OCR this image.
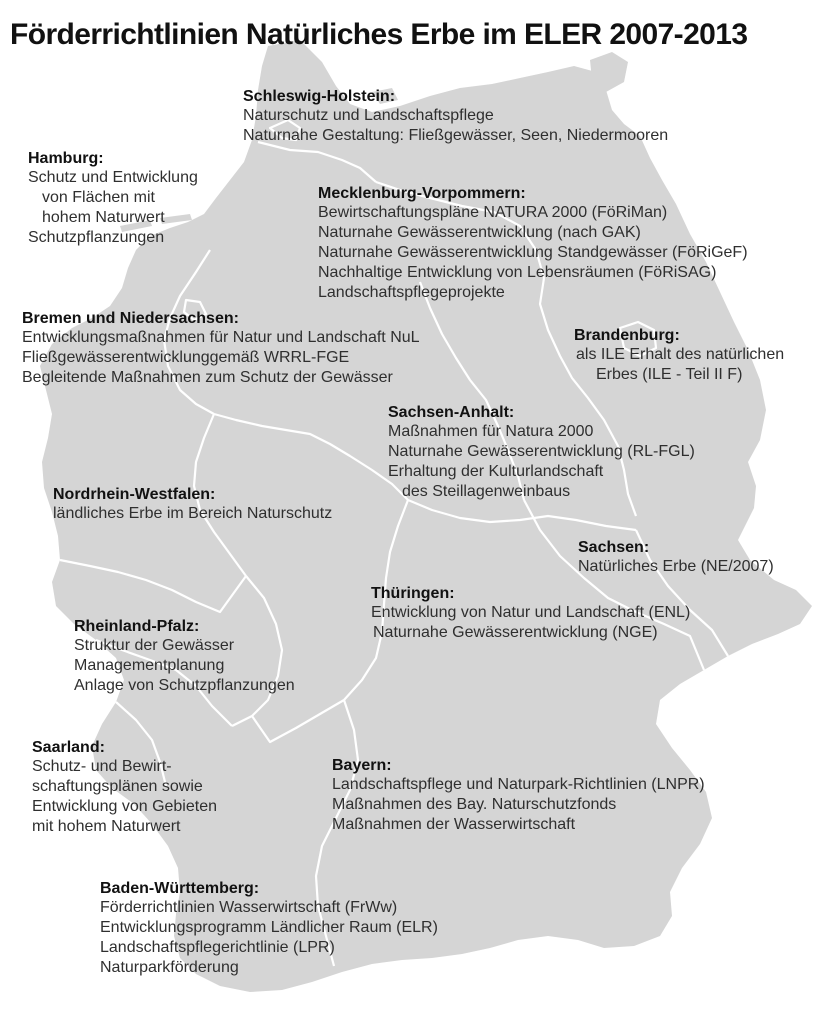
Förderrichtlinien Natürliches Erbe im ELER 2007-2013
Schleswig-Holstein:
Naturschutz und Landschaftspflege
Naturnahe Gestaltung: Fließgewässer, Seen, Niedermooren
Hamburg:
Schutz und Entwicklung
von Flächen mit
hohem Naturwert
Schutzpflanzungen
Mecklenburg-Vorpommern:
Bewirtschaftungspläne NATURA 2000 (FöRiMan)
Naturnahe Gewässerentwicklung (nach GAK)
Naturnahe Gewässerentwicklung Standgewässer (FöRiGeF)
Nachhaltige Entwicklung von Lebensräumen (FöRiSAG)
Landschaftspflegeprojekte
Bremen und Niedersachsen:
Entwicklungsmaßnahmen für Natur und Landschaft NuL
Fließgewässerentwicklunggemäß WRRL-FGE
Begleitende Maßnahmen zum Schutz der Gewässer
Brandenburg:
als ILE Erhalt des natürlichen
Erbes (ILE - Teil II F)
Sachsen-Anhalt:
Maßnahmen für Natura 2000
Naturnahe Gewässerentwicklung (RL-FGL)
Erhaltung der Kulturlandschaft
des Steillagenweinbaus
Nordrhein-Westfalen:
ländliches Erbe im Bereich Naturschutz
Sachsen:
Natürliches Erbe (NE/2007)
Thüringen:
Entwicklung von Natur und Landschaft (ENL)
Naturnahe Gewässerentwicklung (NGE)
Rheinland-Pfalz:
Struktur der Gewässer
Managementplanung
Anlage von Schutzpflanzungen
Saarland:
Schutz- und Bewirt-
schaftungsplänen sowie
Entwicklung von Gebieten
mit hohem Naturwert
Bayern:
Landschaftspflege und Naturpark-Richtlinien (LNPR)
Maßnahmen des Bay. Naturschutzfonds
Maßnahmen der Wasserwirtschaft
Baden-Württemberg:
Förderrichtlinien Wasserwirtschaft (FrWw)
Entwicklungsprogramm Ländlicher Raum (ELR)
Landschaftspflegerichtlinie (LPR)
Naturparkförderung
